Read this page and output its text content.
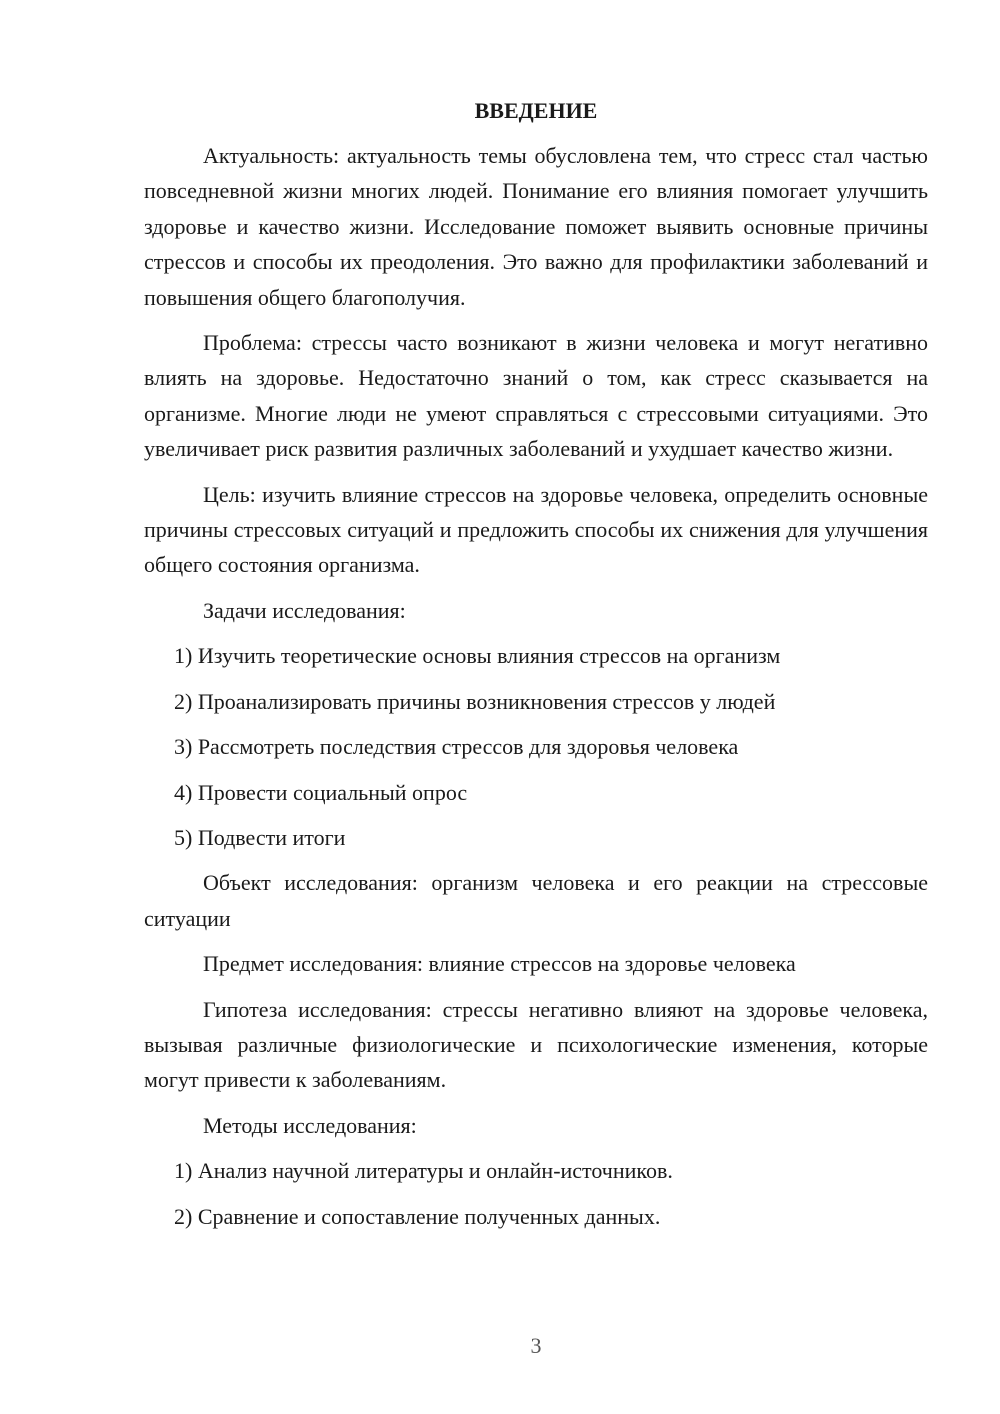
ВВЕДЕНИЕ

Актуальность: актуальность темы обусловлена тем, что стресс стал частью повседневной жизни многих людей. Понимание его влияния помогает улучшить здоровье и качество жизни. Исследование поможет выявить основные причины стрессов и способы их преодоления. Это важно для профилактики заболеваний и повышения общего благополучия.

Проблема: стрессы часто возникают в жизни человека и могут негативно влиять на здоровье. Недостаточно знаний о том, как стресс сказывается на организме. Многие люди не умеют справляться с стрессовыми ситуациями. Это увеличивает риск развития различных заболеваний и ухудшает качество жизни.

Цель: изучить влияние стрессов на здоровье человека, определить основные причины стрессовых ситуаций и предложить способы их снижения для улучшения общего состояния организма.

Задачи исследования:

1) Изучить теоретические основы влияния стрессов на организм
2) Проанализировать причины возникновения стрессов у людей
3) Рассмотреть последствия стрессов для здоровья человека
4) Провести социальный опрос
5) Подвести итоги

Объект исследования: организм человека и его реакции на стрессовые ситуации

Предмет исследования: влияние стрессов на здоровье человека

Гипотеза исследования: стрессы негативно влияют на здоровье человека, вызывая различные физиологические и психологические изменения, которые могут привести к заболеваниям.

Методы исследования:

1) Анализ научной литературы и онлайн-источников.
2) Сравнение и сопоставление полученных данных.
3
